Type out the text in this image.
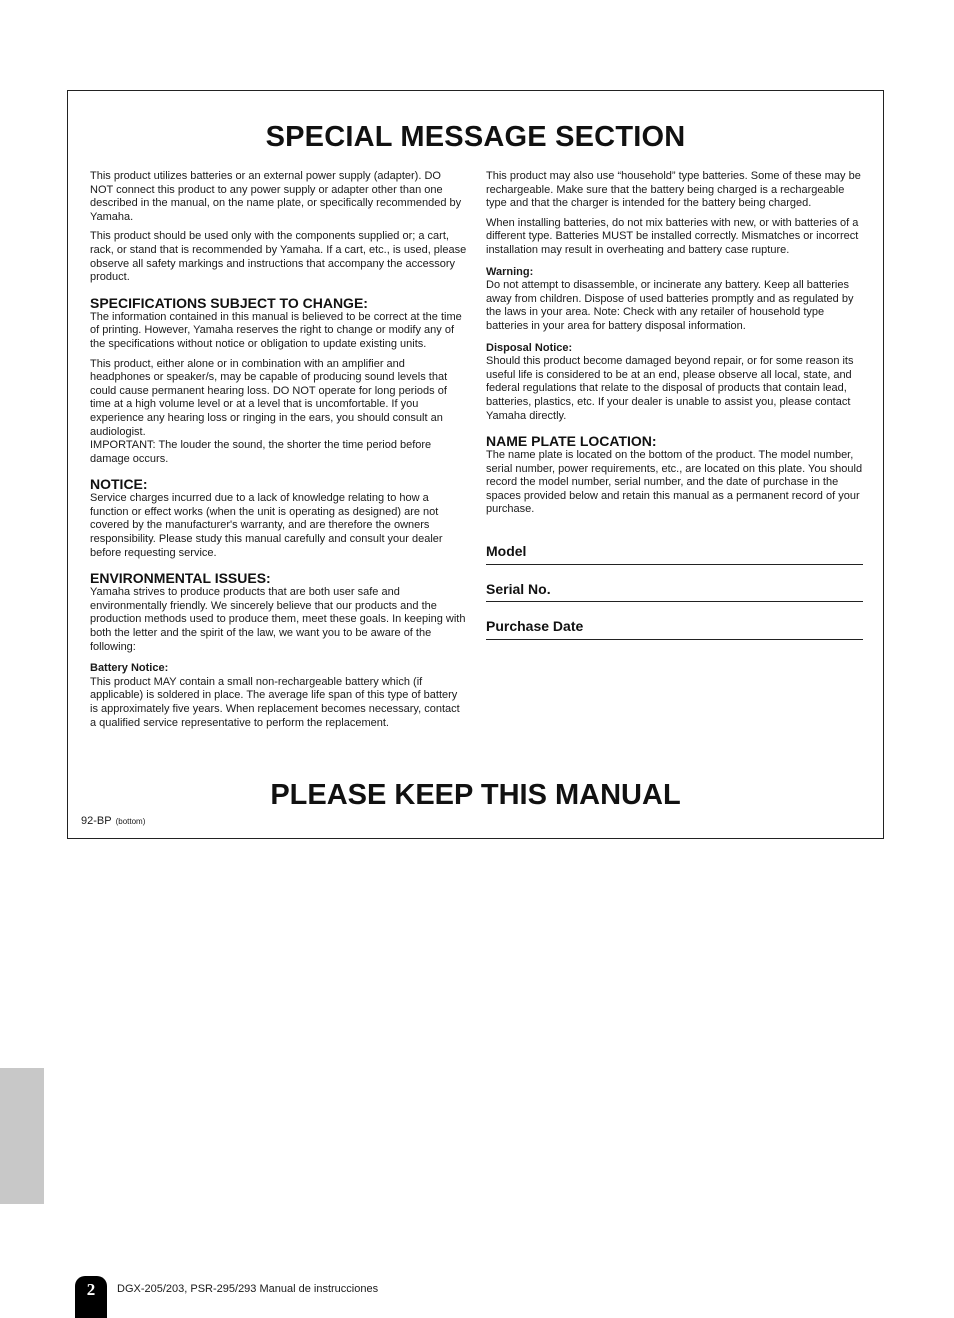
SPECIAL MESSAGE SECTION

This product utilizes batteries or an external power supply (adapter). DO NOT connect this product to any power supply or adapter other than one described in the manual, on the name plate, or specifically recommended by Yamaha.

This product should be used only with the components supplied or; a cart, rack, or stand that is recommended by Yamaha. If a cart, etc., is used, please observe all safety markings and instructions that accompany the accessory product.

SPECIFICATIONS SUBJECT TO CHANGE:

The information contained in this manual is believed to be correct at the time of printing. However, Yamaha reserves the right to change or modify any of the specifications without notice or obligation to update existing units.

This product, either alone or in combination with an amplifier and headphones or speaker/s, may be capable of producing sound levels that could cause permanent hearing loss. DO NOT operate for long periods of time at a high volume level or at a level that is uncomfortable. If you experience any hearing loss or ringing in the ears, you should consult an audiologist.

IMPORTANT: The louder the sound, the shorter the time period before damage occurs.

NOTICE:

Service charges incurred due to a lack of knowledge relating to how a function or effect works (when the unit is operating as designed) are not covered by the manufacturer's warranty, and are therefore the owners responsibility. Please study this manual carefully and consult your dealer before requesting service.

ENVIRONMENTAL ISSUES:

Yamaha strives to produce products that are both user safe and environmentally friendly. We sincerely believe that our products and the production methods used to produce them, meet these goals. In keeping with both the letter and the spirit of the law, we want you to be aware of the following:

Battery Notice:

This product MAY contain a small non-rechargeable battery which (if applicable) is soldered in place. The average life span of this type of battery is approximately five years. When replacement becomes necessary, contact a qualified service representative to perform the replacement.

This product may also use “household” type batteries. Some of these may be rechargeable. Make sure that the battery being charged is a rechargeable type and that the charger is intended for the battery being charged.

When installing batteries, do not mix batteries with new, or with batteries of a different type. Batteries MUST be installed correctly. Mismatches or incorrect installation may result in overheating and battery case rupture.

Warning:

Do not attempt to disassemble, or incinerate any battery. Keep all batteries away from children. Dispose of used batteries promptly and as regulated by the laws in your area. Note: Check with any retailer of household type batteries in your area for battery disposal information.

Disposal Notice:

Should this product become damaged beyond repair, or for some reason its useful life is considered to be at an end, please observe all local, state, and federal regulations that relate to the disposal of products that contain lead, batteries, plastics, etc. If your dealer is unable to assist you, please contact Yamaha directly.

NAME PLATE LOCATION:

The name plate is located on the bottom of the product. The model number, serial number, power requirements, etc., are located on this plate. You should record the model number, serial number, and the date of purchase in the spaces provided below and retain this manual as a permanent record of your purchase.

Model
Serial No.
Purchase Date
PLEASE KEEP THIS MANUAL
92-BP (bottom)
2	DGX-205/203, PSR-295/293 Manual de instrucciones
